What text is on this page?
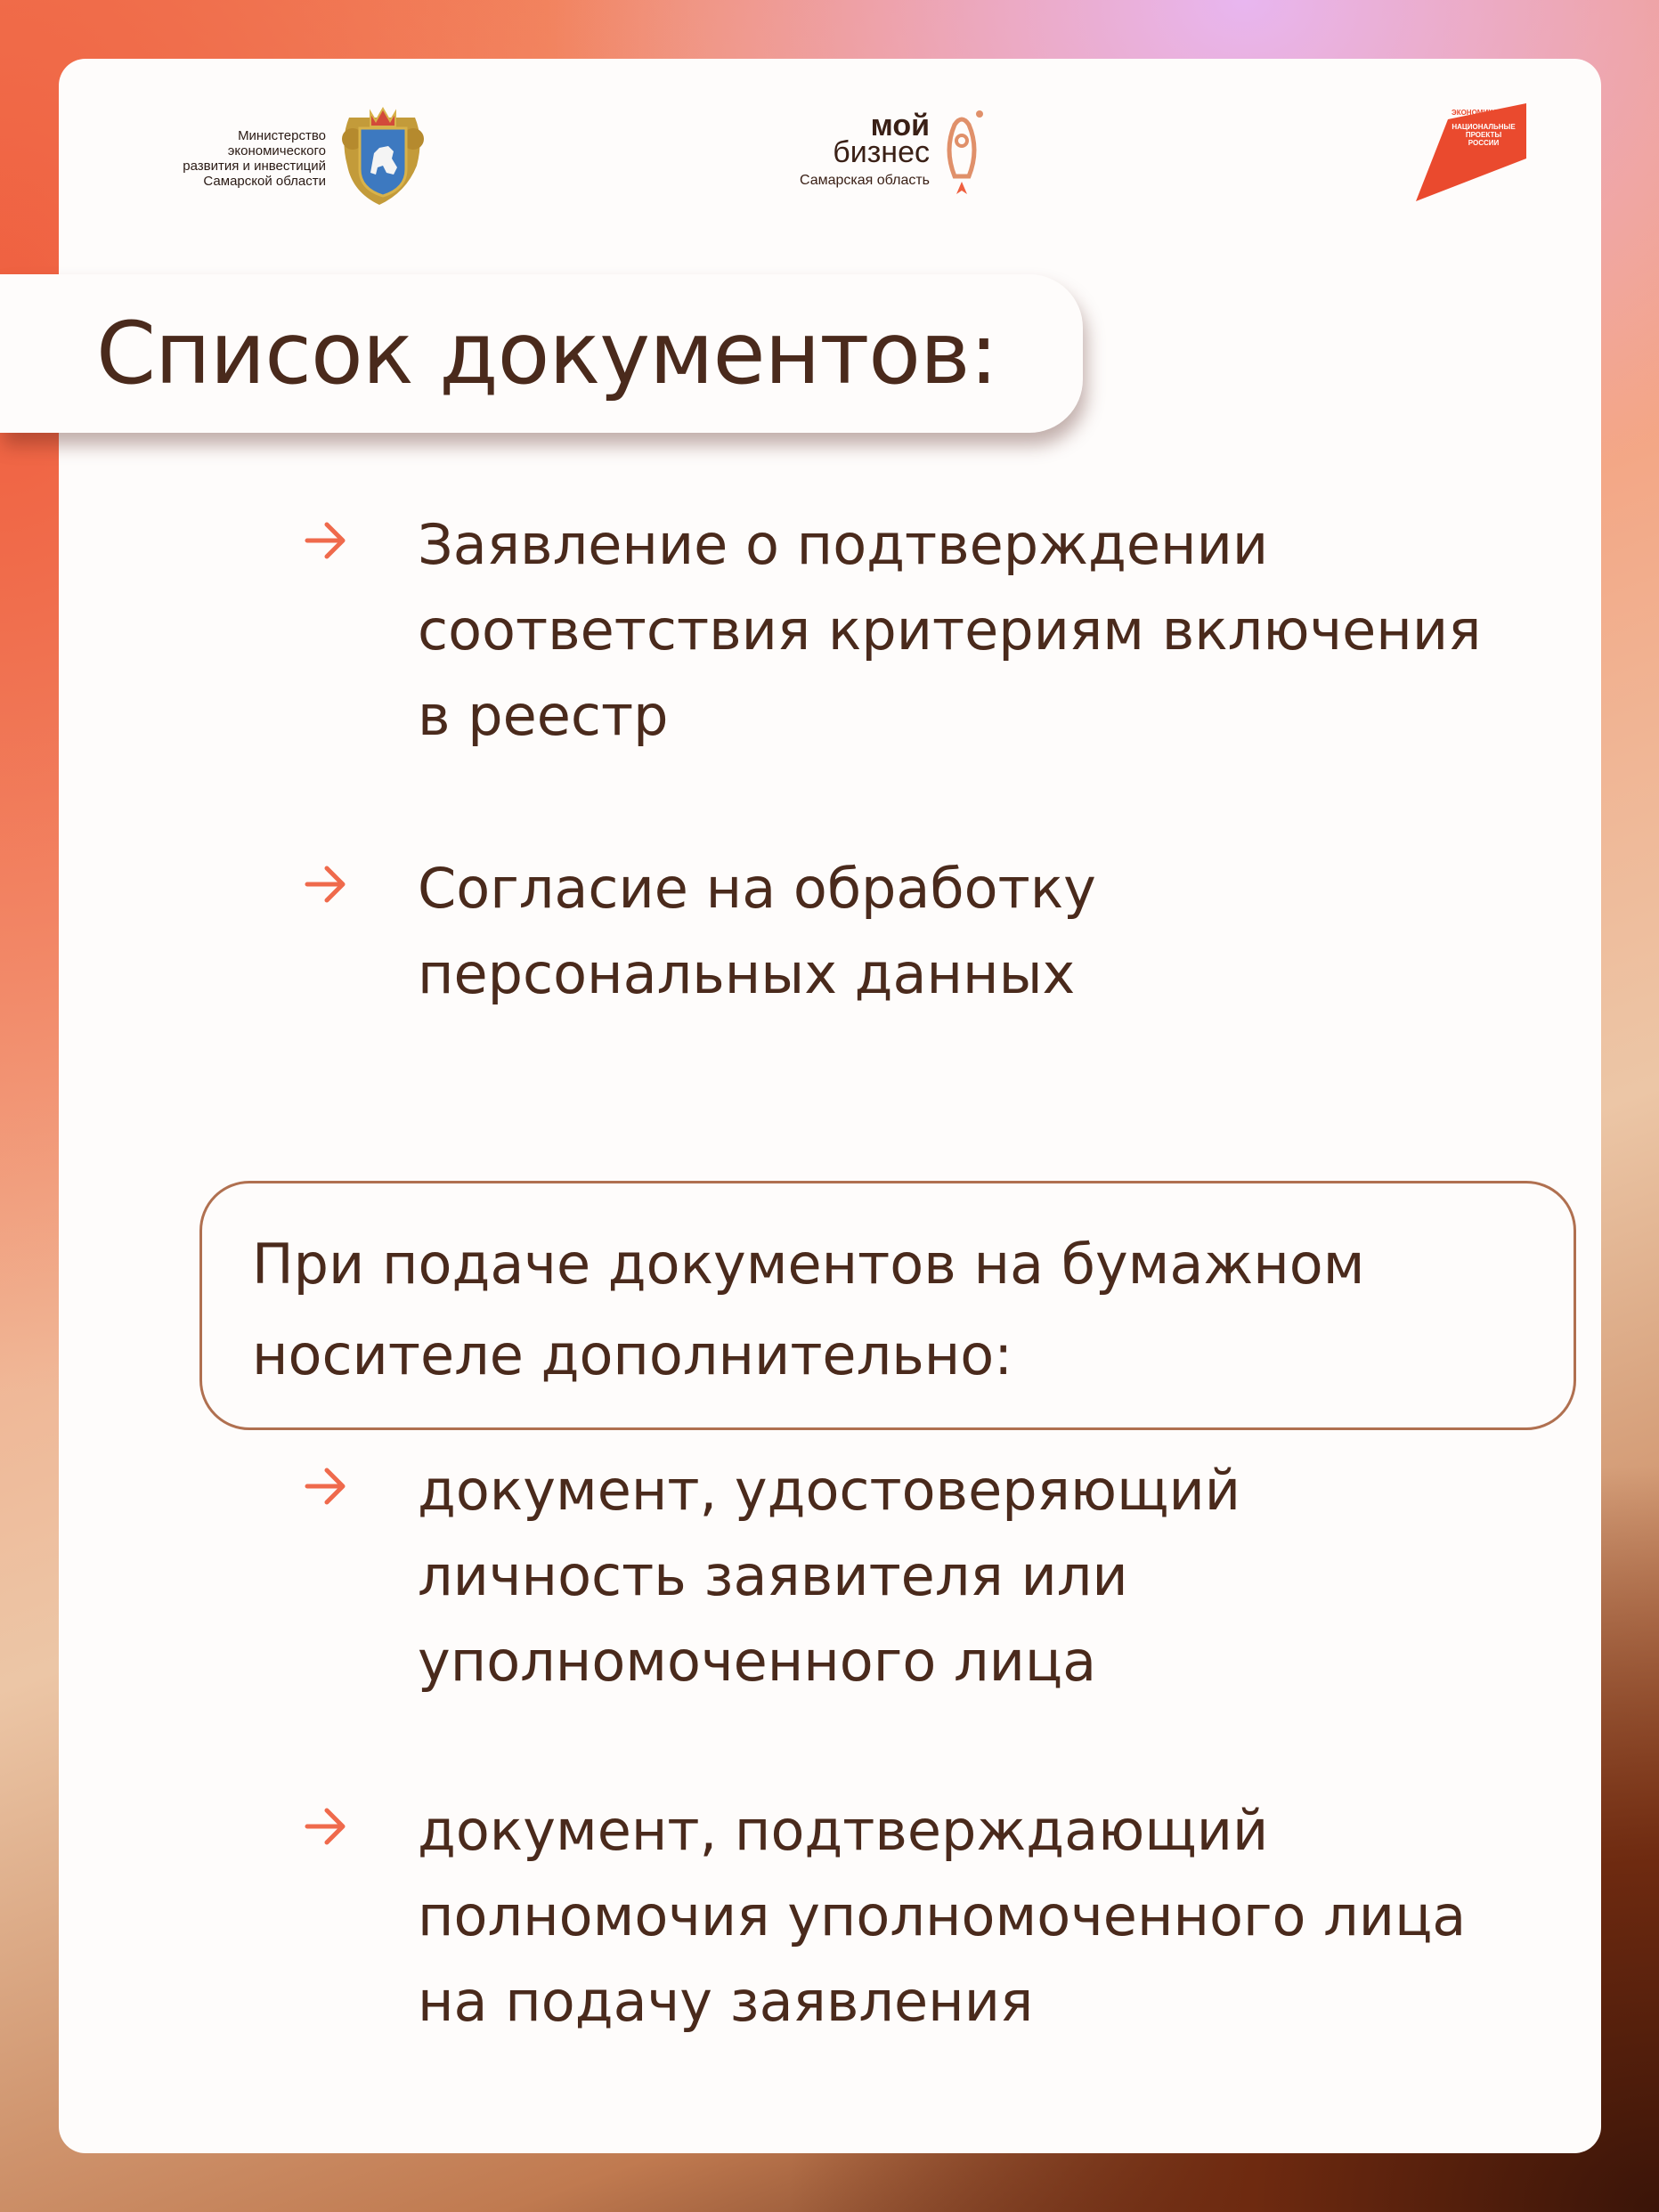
Министерство
экономического
развития и инвестиций
Самарской области
мой
бизнес
Самарская область
ЭКОНОМИКА
НАЦИОНАЛЬНЫЕ
ПРОЕКТЫ
РОССИИ
Заявление о подтверждении
соответствия критериям включения
в реестр
Согласие на обработку
персональных данных
При подаче документов на бумажном
носителе дополнительно:
документ, удостоверяющий
личность заявителя или
уполномоченного лица
документ, подтверждающий
полномочия уполномоченного лица
на подачу заявления
Список документов:
